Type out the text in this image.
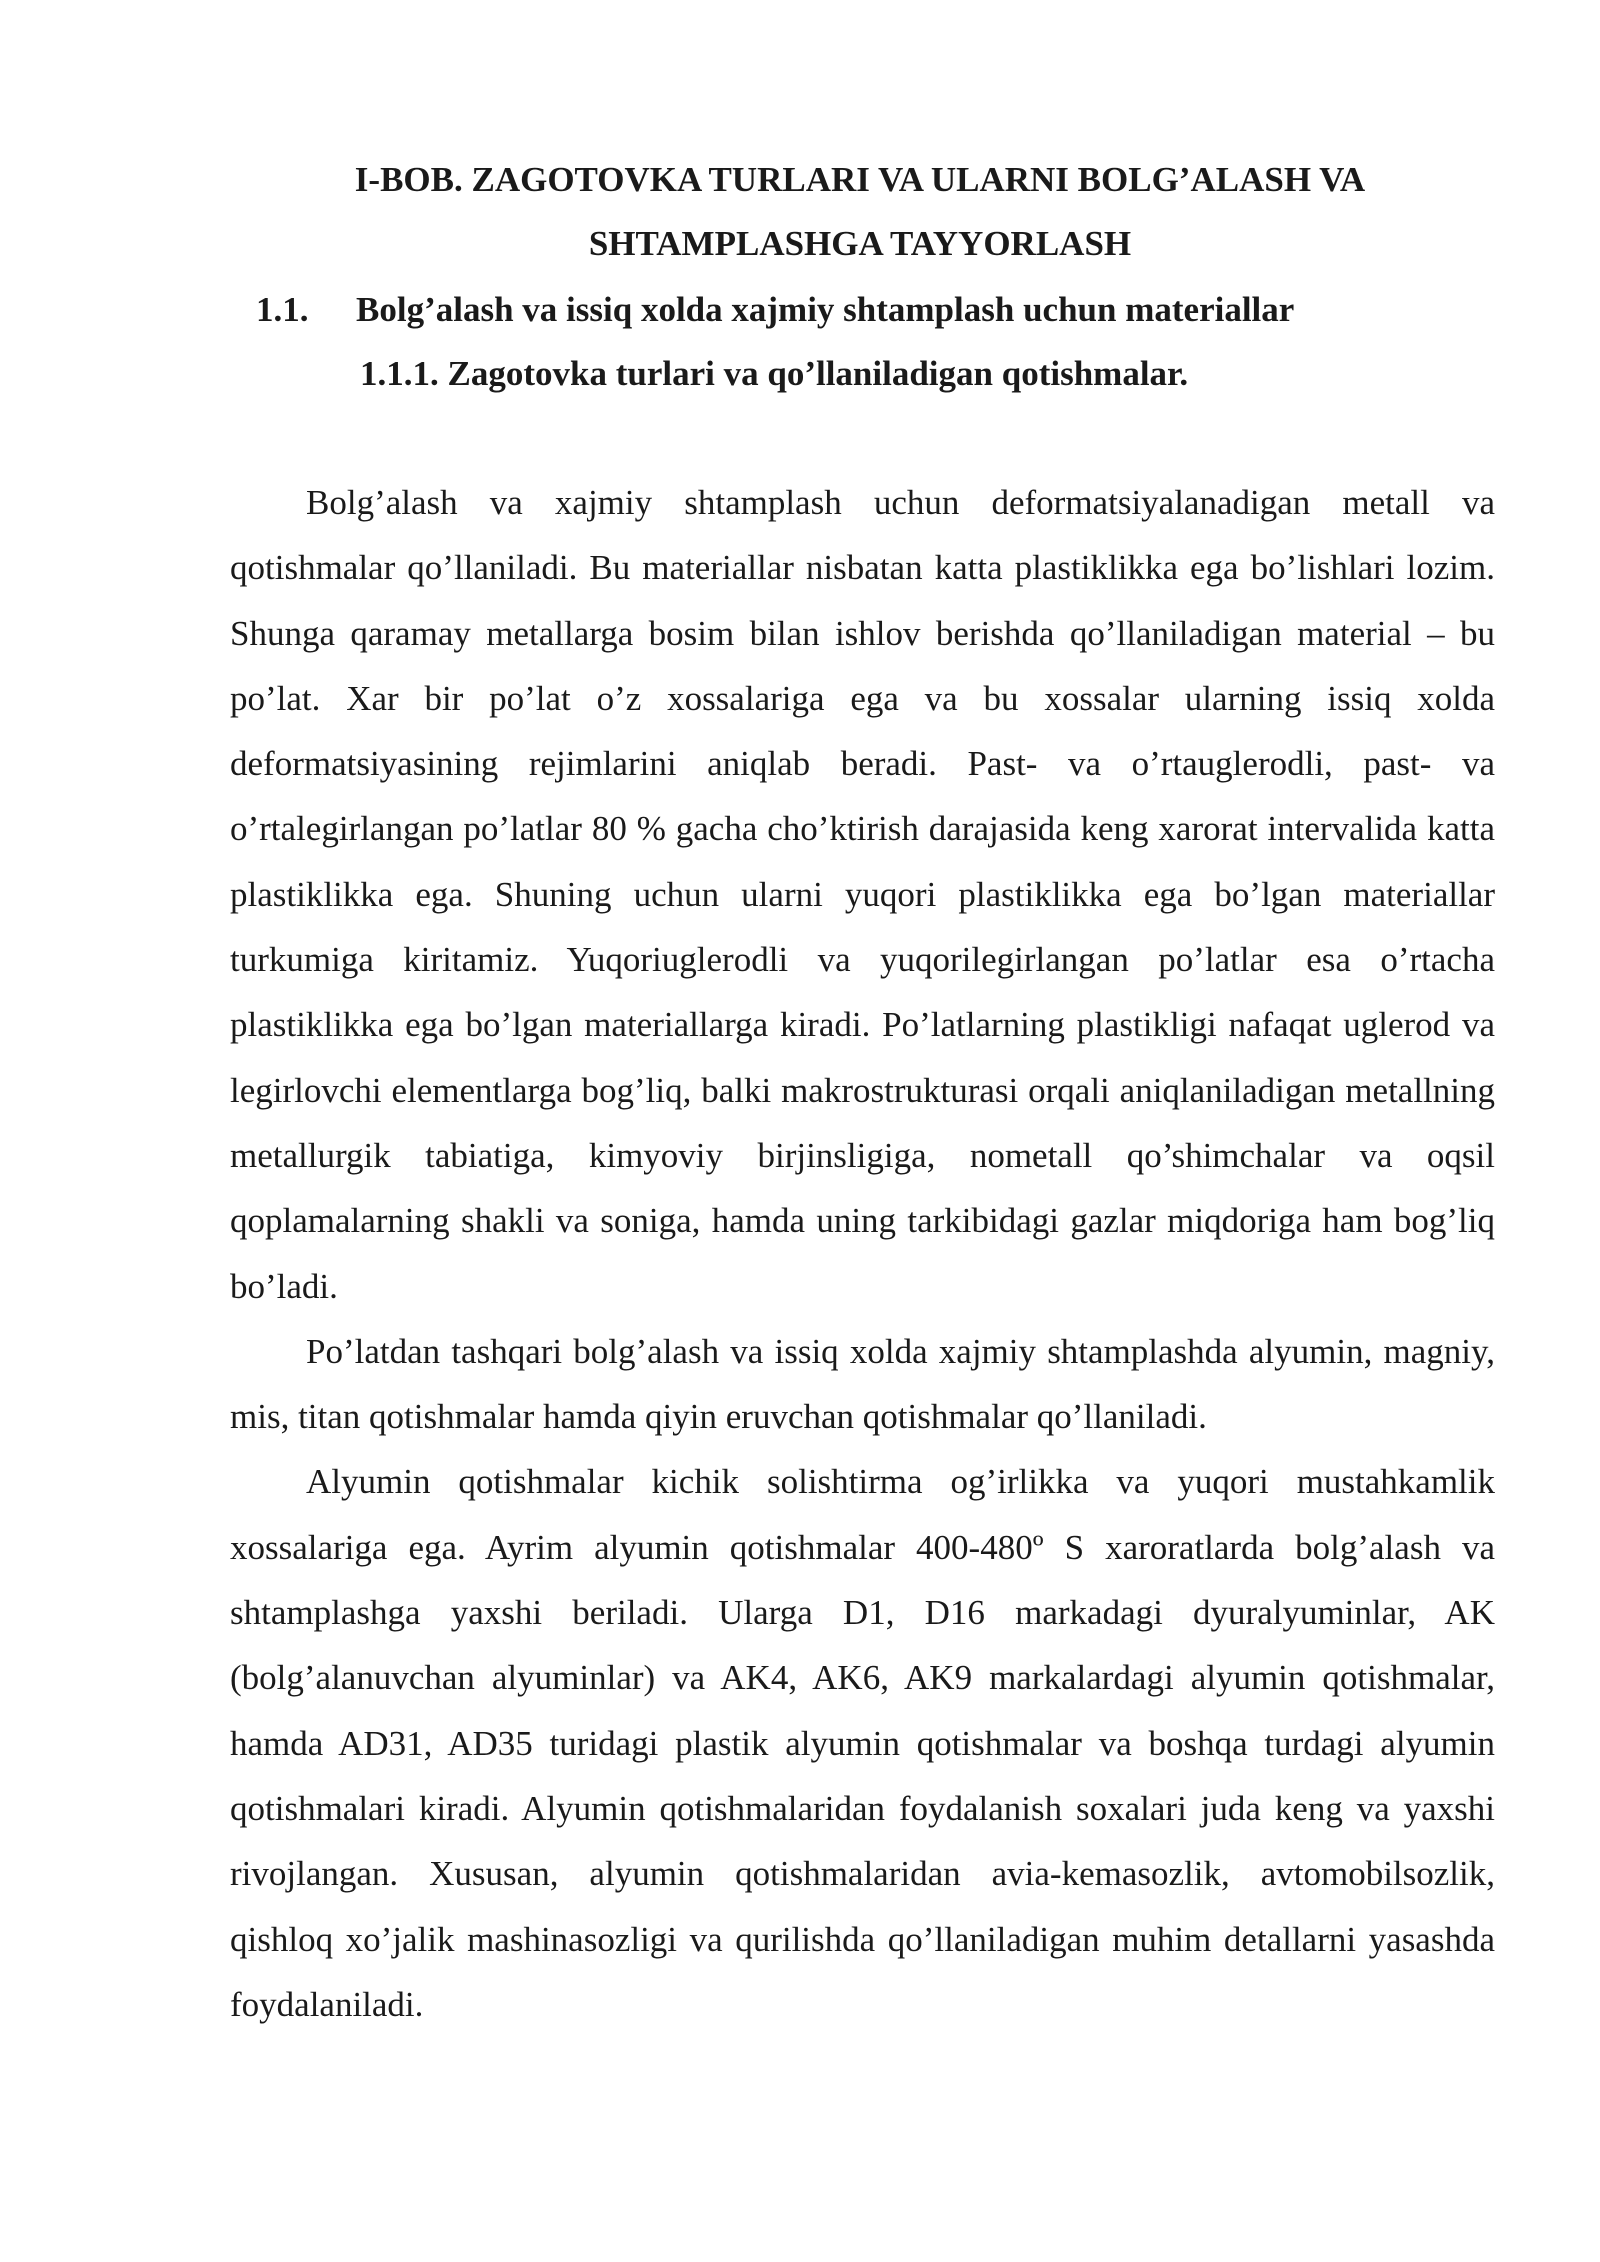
I-BOB. ZAGOTOVKA TURLARI VA ULARNI BOLG’ALASH VA

SHTAMPLASHGA TAYYORLASH

1.1. Bolg’alash va issiq xolda xajmiy shtamplash uchun materiallar

1.1.1. Zagotovka turlari va qo’llaniladigan qotishmalar.

Bolg’alash va xajmiy shtamplash uchun deformatsiyalanadigan metall va qotishmalar qo’llaniladi. Bu materiallar nisbatan katta plastiklikka ega bo’lishlari lozim. Shunga qaramay metallarga bosim bilan ishlov berishda qo’llaniladigan material – bu po’lat. Xar bir po’lat o’z xossalariga ega va bu xossalar ularning issiq xolda deformatsiyasining rejimlarini aniqlab beradi. Past- va o’rtauglerodli, past- va o’rtalegirlangan po’latlar 80 % gacha cho’ktirish darajasida keng xarorat intervalida katta plastiklikka ega. Shuning uchun ularni yuqori plastiklikka ega bo’lgan materiallar turkumiga kiritamiz. Yuqoriuglerodli va yuqorilegirlangan po’latlar esa o’rtacha plastiklikka ega bo’lgan materiallarga kiradi. Po’latlarning plastikligi nafaqat uglerod va legirlovchi elementlarga bog’liq, balki makrostrukturasi orqali aniqlaniladigan metallning metallurgik tabiatiga, kimyoviy birjinsligiga, nometall qo’shimchalar va oqsil qoplamalarning shakli va soniga, hamda uning tarkibidagi gazlar miqdoriga ham bog’liq bo’ladi.

Po’latdan tashqari bolg’alash va issiq xolda xajmiy shtamplashda alyumin, magniy, mis, titan qotishmalar hamda qiyin eruvchan qotishmalar qo’llaniladi.

Alyumin qotishmalar kichik solishtirma og’irlikka va yuqori mustahkamlik xossalariga ega. Ayrim alyumin qotishmalar 400-480º S xaroratlarda bolg’alash va shtamplashga yaxshi beriladi. Ularga D1, D16 markadagi dyuralyuminlar, AK (bolg’alanuvchan alyuminlar) va AK4, AK6, AK9 markalardagi alyumin qotishmalar, hamda AD31, AD35 turidagi plastik alyumin qotishmalar va boshqa turdagi alyumin qotishmalari kiradi. Alyumin qotishmalaridan foydalanish soxalari juda keng va yaxshi rivojlangan. Xususan, alyumin qotishmalaridan avia-kemasozlik, avtomobilsozlik, qishloq xo’jalik mashinasozligi va qurilishda qo’llaniladigan muhim detallarni yasashda foydalaniladi.
